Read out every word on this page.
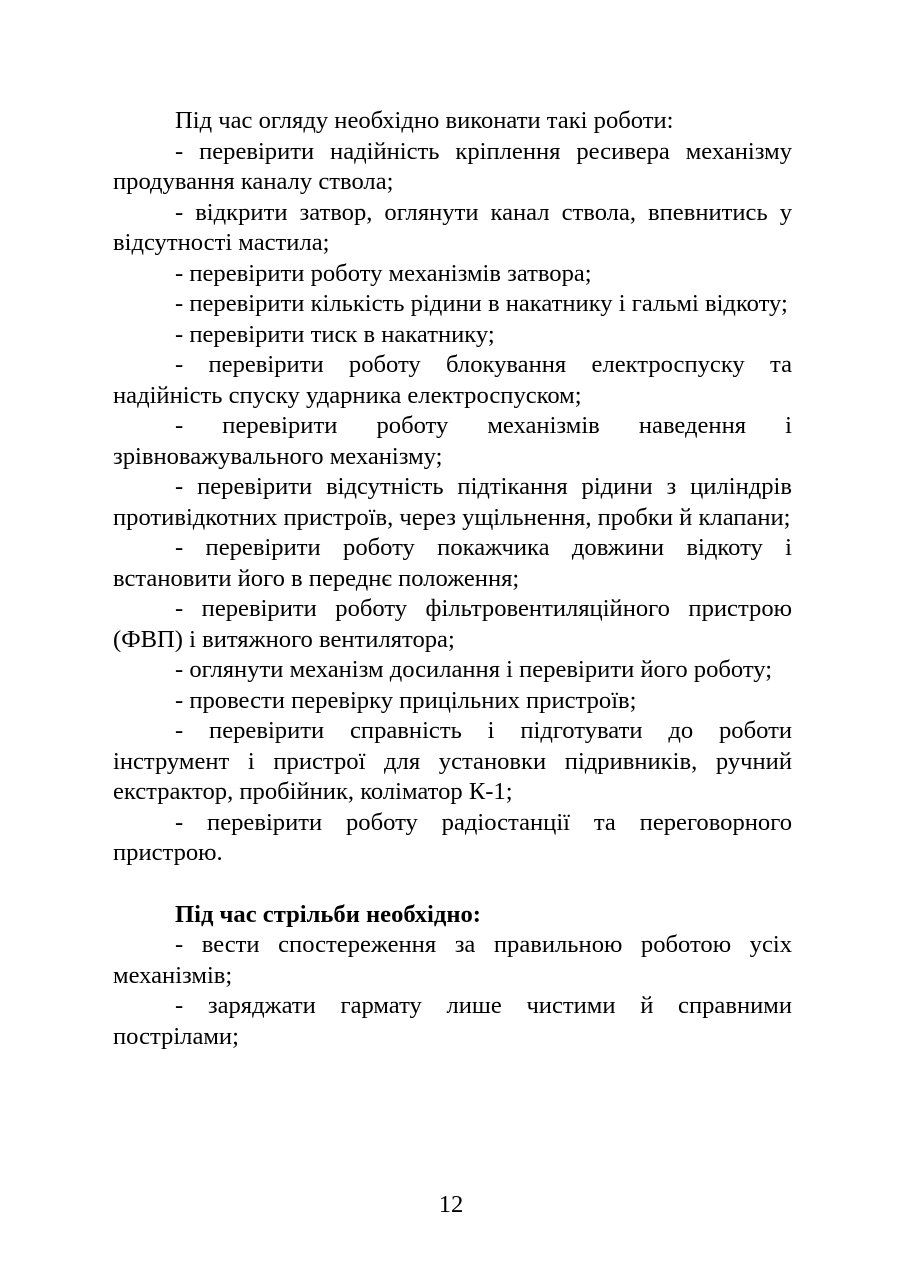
Під час огляду необхідно виконати такі роботи:

- перевірити надійність кріплення ресивера механізму продування каналу ствола;

- відкрити затвор, оглянути канал ствола, впевнитись у відсутності мастила;

- перевірити роботу механізмів затвора;

- перевірити кількість рідини в накатнику і гальмі відкоту;

- перевірити тиск в накатнику;

- перевірити роботу блокування електроспуску та надійність спуску ударника електроспуском;

- перевірити роботу механізмів наведення і зрівноважувального механізму;

- перевірити відсутність підтікання рідини з циліндрів противідкотних пристроїв, через ущільнення, пробки й клапани;

- перевірити роботу покажчика довжини відкоту і встановити його в переднє положення;

- перевірити роботу фільтровентиляційного пристрою (ФВП) і витяжного вентилятора;

- оглянути механізм досилання і перевірити його роботу;

- провести перевірку прицільних пристроїв;

- перевірити справність і підготувати до роботи інструмент і пристрої для установки підривників, ручний екстрактор, пробійник, коліматор К-1;

- перевірити роботу радіостанції та переговорного пристрою.

Під час стрільби необхідно:

- вести спостереження за правильною роботою усіх механізмів;

- заряджати гармату лише чистими й справними пострілами;

12
